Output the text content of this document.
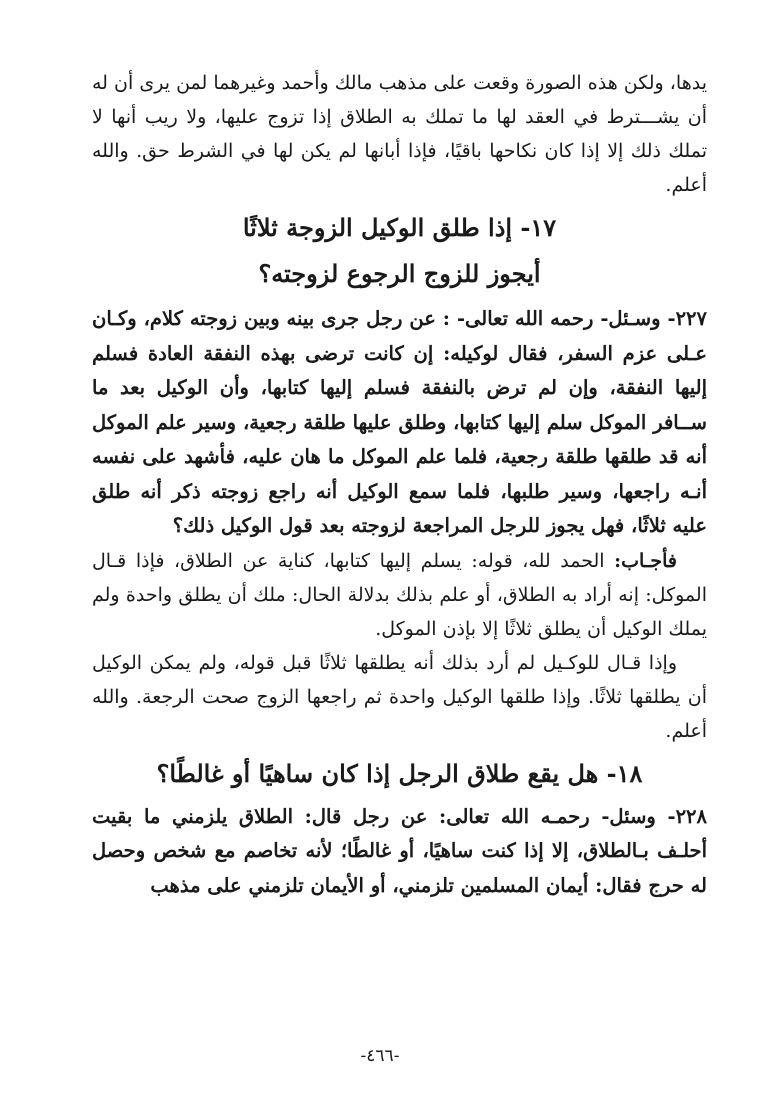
يدها، ولكن هذه الصورة وقعت على مذهب مالك وأحمد وغيرهما لمن يرى أن له أن يشـــترط في العقد لها ما تملك به الطلاق إذا تزوج عليها، ولا ريب أنها لا تملك ذلك إلا إذا كان نكاحها باقيًا، فإذا أبانها لم يكن لها في الشرط حق. والله أعلم.

١٧- إذا طلق الوكيل الزوجة ثلاثًا
أيجوز للزوج الرجوع لزوجته؟

٢٢٧- وسـئل- رحمه الله تعالى- : عن رجل جرى بينه وبين زوجته كلام، وكـان عـلى عزم السفر، فقال لوكيله: إن كانت ترضى بهذه النفقة العادة فسلم إليها النفقة، وإن لم ترض بالنفقة فسلم إليها كتابها، وأن الوكيل بعد ما ســافر الموكل سلم إليها كتابها، وطلق عليها طلقة رجعية، وسير علم الموكل أنه قد طلقها طلقة رجعية، فلما علم الموكل ما هان عليه، فأشهد على نفسه أنـه راجعها، وسير طلبها، فلما سمع الوكيل أنه راجع زوجته ذكر أنه طلق عليه ثلاثًا، فهل يجوز للرجل المراجعة لزوجته بعد قول الوكيل ذلك؟

فأجـاب: الحمد لله، قوله: يسلم إليها كتابها، كناية عن الطلاق، فإذا قـال الموكل: إنه أراد به الطلاق، أو علم بذلك بدلالة الحال: ملك أن يطلق واحدة ولم يملك الوكيل أن يطلق ثلاثًا إلا بإذن الموكل.

وإذا قـال للوكـيل لم أرد بذلك أنه يطلقها ثلاثًا قبل قوله، ولم يمكن الوكيل أن يطلقها ثلاثًا. وإذا طلقها الوكيل واحدة ثم راجعها الزوج صحت الرجعة. والله أعلم.

١٨- هل يقع طلاق الرجل إذا كان ساهيًا أو غالطًا؟

٢٢٨- وسئل- رحمـه الله تعالى: عن رجل قال: الطلاق يلزمني ما بقيت أحلـف بـالطلاق، إلا إذا كنت ساهيًا، أو غالطًا؛ لأنه تخاصم مع شخص وحصل له حرج فقال: أيمان المسلمين تلزمني، أو الأيمان تلزمني على مذهب

-٤٦٦-
